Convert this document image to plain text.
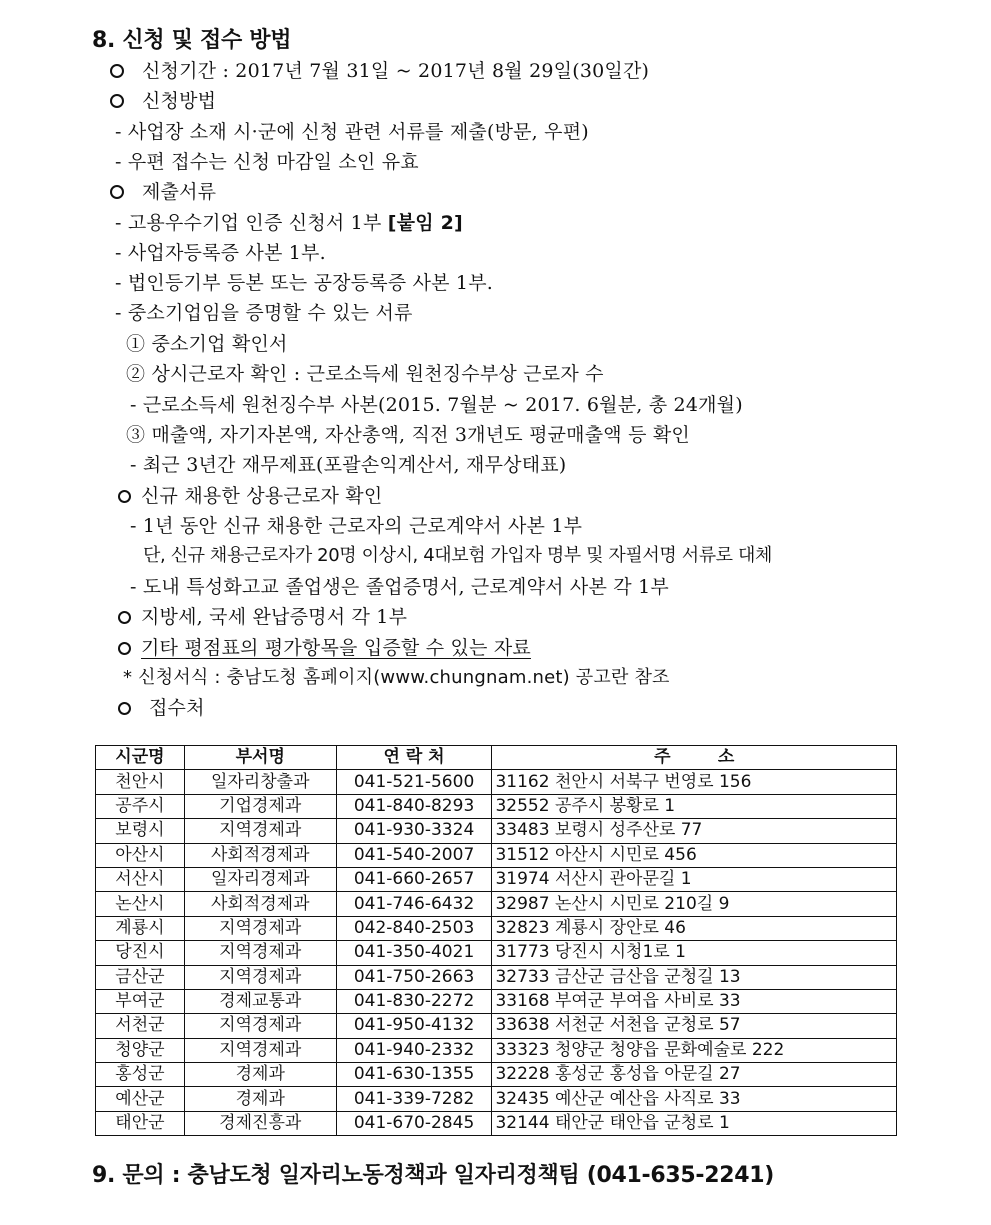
8. 신청 및 접수 방법
신청기간 : 2017년 7월 31일 ~ 2017년 8월 29일(30일간)
신청방법
- 사업장 소재 시·군에 신청 관련 서류를 제출(방문, 우편)
- 우편 접수는 신청 마감일 소인 유효
제출서류
- 고용우수기업 인증 신청서 1부 [붙임 2]
- 사업자등록증 사본 1부.
- 법인등기부 등본 또는 공장등록증 사본 1부.
- 중소기업임을 증명할 수 있는 서류
① 중소기업 확인서
② 상시근로자 확인 : 근로소득세 원천징수부상 근로자 수
- 근로소득세 원천징수부 사본(2015. 7월분 ~ 2017. 6월분, 총 24개월)
③ 매출액, 자기자본액, 자산총액, 직전 3개년도 평균매출액 등 확인
- 최근 3년간 재무제표(포괄손익계산서, 재무상태표)
신규 채용한 상용근로자 확인
- 1년 동안 신규 채용한 근로자의 근로계약서 사본 1부
단, 신규 채용근로자가 20명 이상시, 4대보험 가입자 명부 및 자필서명 서류로 대체
- 도내 특성화고교 졸업생은 졸업증명서, 근로계약서 사본 각 1부
지방세, 국세 완납증명서 각 1부
기타 평점표의 평가항목을 입증할 수 있는 자료
* 신청서식 : 충남도청 홈페이지(www.chungnam.net) 공고란 참조
접수처
시군명	부서명	연 락 처	주        소
천안시	일자리창출과	041-521-5600	31162 천안시 서북구 번영로 156
공주시	기업경제과	041-840-8293	32552 공주시 봉황로 1
보령시	지역경제과	041-930-3324	33483 보령시 성주산로 77
아산시	사회적경제과	041-540-2007	31512 아산시 시민로 456
서산시	일자리경제과	041-660-2657	31974 서산시 관아문길 1
논산시	사회적경제과	041-746-6432	32987 논산시 시민로 210길 9
계룡시	지역경제과	042-840-2503	32823 계룡시 장안로 46
당진시	지역경제과	041-350-4021	31773 당진시 시청1로 1
금산군	지역경제과	041-750-2663	32733 금산군 금산읍 군청길 13
부여군	경제교통과	041-830-2272	33168 부여군 부여읍 사비로 33
서천군	지역경제과	041-950-4132	33638 서천군 서천읍 군청로 57
청양군	지역경제과	041-940-2332	33323 청양군 청양읍 문화예술로 222
홍성군	경제과	041-630-1355	32228 홍성군 홍성읍 아문길 27
예산군	경제과	041-339-7282	32435 예산군 예산읍 사직로 33
태안군	경제진흥과	041-670-2845	32144 태안군 태안읍 군청로 1
9. 문의 : 충남도청 일자리노동정책과 일자리정책팀 (041-635-2241)
